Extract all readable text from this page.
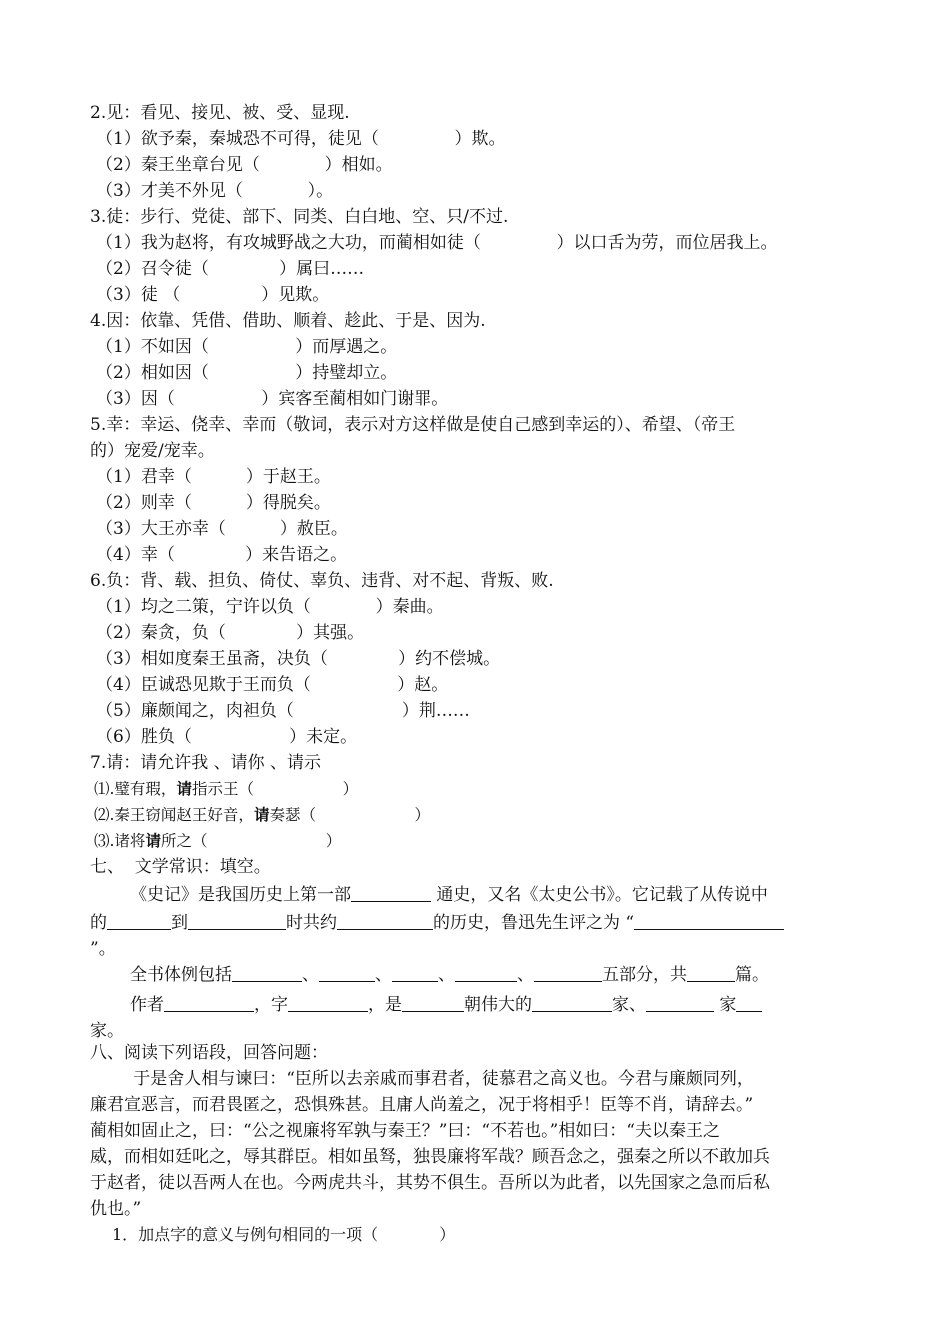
2.见：看见、接见、被、受、显现.
（1）欲予秦，秦城恐不可得，徒见（              ）欺。
（2）秦王坐章台见（            ）相如。
（3）才美不外见（            ）。
3.徒：步行、党徒、部下、同类、白白地、空、只/不过.
（1）我为赵将，有攻城野战之大功，而蔺相如徒（              ）以口舌为劳，而位居我上。
（2）召令徒（             ）属曰……
（3）徒 （               ）见欺。
4.因：依靠、凭借、借助、顺着、趁此、于是、因为.
（1）不如因（                ）而厚遇之。
（2）相如因（                ）持璧却立。
（3）因（                ）宾客至蔺相如门谢罪。
5.幸：幸运、侥幸、幸而（敬词，表示对方这样做是使自己感到幸运的）、希望、（帝王
的）宠爱/宠幸。
（1）君幸（          ）于赵王。
（2）则幸（          ）得脱矣。
（3）大王亦幸（          ）赦臣。
（4）幸（             ）来告语之。
6.负：背、载、担负、倚仗、辜负、违背、对不起、背叛、败.
（1）均之二策，宁许以负（            ）秦曲。
（2）秦贪，负（             ）其强。
（3）相如度秦王虽斋，决负（             ）约不偿城。
（4）臣诚恐见欺于王而负（                ）赵。
（5）廉颇闻之，肉袒负（                    ）荆……
（6）胜负（                  ）未定。
7.请：请允许我 、请你 、请示
⑴.璧有瑕，请指示王（                  ）
⑵.秦王窃闻赵王好音，请奏瑟（                    ）
⑶.诸将请所之（                        ）
七、  文学常识：填空。
《史记》是我国历史上第一部	通史，又名《太史公书》。它记载了从传说中
的	到	时共约	的历史，鲁迅先生评之为 “
”。
全书体例包括	、	、	、	、	五部分，共	篇。
作者	，字	，是	朝伟大的	家、	家
家。
八、阅读下列语段，回答问题：
于是舍人相与谏曰：“臣所以去亲戚而事君者，徒慕君之高义也。今君与廉颇同列，
廉君宣恶言，而君畏匿之，恐惧殊甚。且庸人尚羞之，况于将相乎！臣等不肖，请辞去。”
蔺相如固止之，曰：“公之视廉将军孰与秦王？”曰：“不若也。”相如曰：“夫以秦王之
威，而相如廷叱之，辱其群臣。相如虽驽，独畏廉将军哉？顾吾念之，强秦之所以不敢加兵
于赵者，徒以吾两人在也。今两虎共斗，其势不俱生。吾所以为此者，以先国家之急而后私
仇也。”
1．加点字的意义与例句相同的一项（            ）
